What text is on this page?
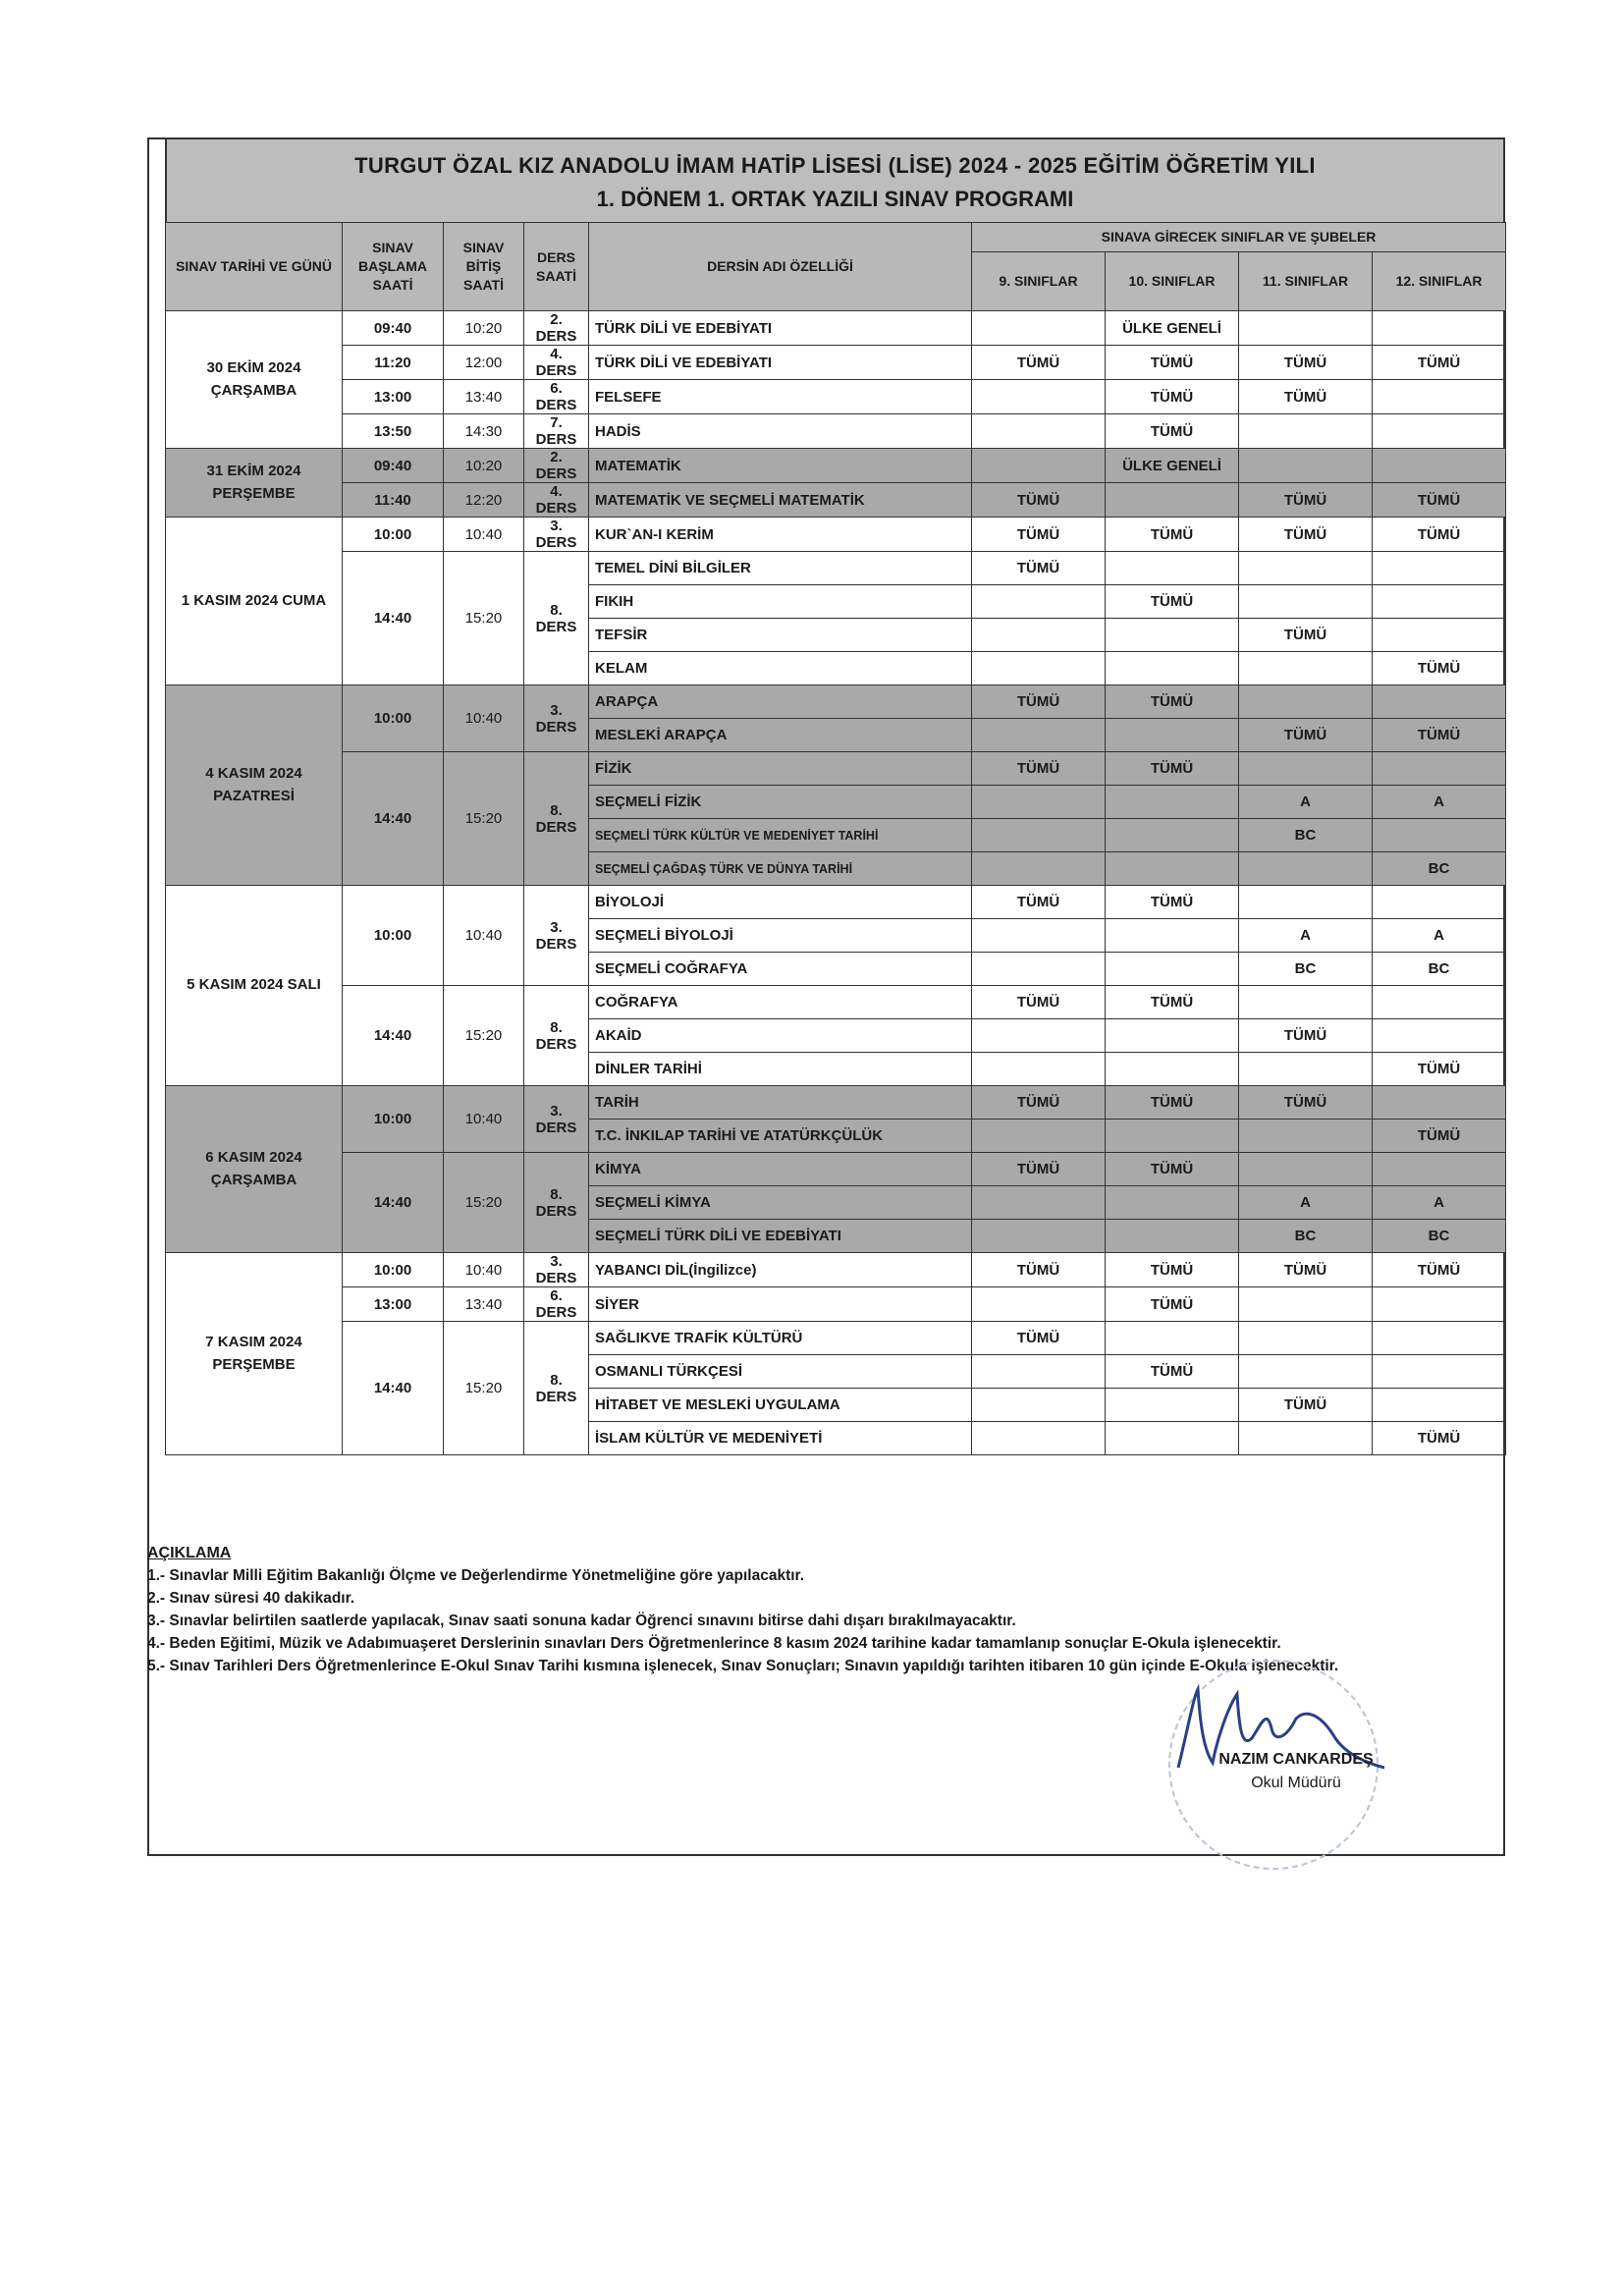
TURGUT ÖZAL KIZ ANADOLU İMAM HATİP LİSESİ (LİSE) 2024 - 2025 EĞİTİM ÖĞRETİM YILI
1. DÖNEM 1. ORTAK YAZILI SINAV PROGRAMI
SINAV TARİHİ VE GÜNÜ	SINAV BAŞLAMA SAATİ	SINAV BİTİŞ SAATİ	DERS SAATİ	DERSİN ADI ÖZELLİĞİ	SINAVA GİRECEK SINIFLAR VE ŞUBELER			
					9. SINIFLAR	10. SINIFLAR	11. SINIFLAR	12. SINIFLAR
30 EKİM 2024 ÇARŞAMBA	09:40	10:20	2. DERS	TÜRK DİLİ VE EDEBİYATI		ÜLKE GENELİ		
	11:20	12:00	4. DERS	TÜRK DİLİ VE EDEBİYATI	TÜMÜ	TÜMÜ	TÜMÜ	TÜMÜ
	13:00	13:40	6. DERS	FELSEFE		TÜMÜ	TÜMÜ	
	13:50	14:30	7. DERS	HADİS		TÜMÜ		
31 EKİM 2024 PERŞEMBE	09:40	10:20	2. DERS	MATEMATİK		ÜLKE GENELİ		
	11:40	12:20	4. DERS	MATEMATİK VE SEÇMELİ MATEMATİK	TÜMÜ		TÜMÜ	TÜMÜ
1 KASIM 2024 CUMA	10:00	10:40	3. DERS	KUR`AN-I KERİM	TÜMÜ	TÜMÜ	TÜMÜ	TÜMÜ
	14:40	15:20	8. DERS	TEMEL DİNİ BİLGİLER	TÜMÜ			
				FIKIH		TÜMÜ		
				TEFSİR			TÜMÜ	
				KELAM				TÜMÜ
4 KASIM 2024 PAZATRESİ	10:00	10:40	3. DERS	ARAPÇA	TÜMÜ	TÜMÜ		
				MESLEKİ ARAPÇA			TÜMÜ	TÜMÜ
	14:40	15:20	8. DERS	FİZİK	TÜMÜ	TÜMÜ		
				SEÇMELİ FİZİK			A	A
				SEÇMELİ TÜRK KÜLTÜR VE MEDENİYET TARİHİ			BC	
				SEÇMELİ ÇAĞDAŞ TÜRK VE DÜNYA TARİHİ				BC
5 KASIM 2024 SALI	10:00	10:40	3. DERS	BİYOLOJİ	TÜMÜ	TÜMÜ		
				SEÇMELİ BİYOLOJİ			A	A
				SEÇMELİ COĞRAFYA			BC	BC
	14:40	15:20	8. DERS	COĞRAFYA	TÜMÜ	TÜMÜ		
				AKAİD			TÜMÜ	
				DİNLER TARİHİ				TÜMÜ
6 KASIM 2024 ÇARŞAMBA	10:00	10:40	3. DERS	TARİH	TÜMÜ	TÜMÜ	TÜMÜ	
				T.C. İNKILAP TARİHİ VE ATATÜRKÇÜLÜK				TÜMÜ
	14:40	15:20	8. DERS	KİMYA	TÜMÜ	TÜMÜ		
				SEÇMELİ KİMYA			A	A
				SEÇMELİ TÜRK DİLİ VE EDEBİYATI			BC	BC
7 KASIM 2024 PERŞEMBE	10:00	10:40	3. DERS	YABANCI DİL(İngilizce)	TÜMÜ	TÜMÜ	TÜMÜ	TÜMÜ
	13:00	13:40	6. DERS	SİYER		TÜMÜ		
	14:40	15:20	8. DERS	SAĞLIKVE TRAFİK KÜLTÜRÜ	TÜMÜ			
				OSMANLI TÜRKÇESİ		TÜMÜ		
				HİTABET VE MESLEKİ UYGULAMA			TÜMÜ	
				İSLAM KÜLTÜR VE MEDENİYETİ				TÜMÜ
AÇIKLAMA
1.- Sınavlar Milli Eğitim Bakanlığı Ölçme ve Değerlendirme Yönetmeliğine göre yapılacaktır.
2.- Sınav süresi 40 dakikadır.
3.- Sınavlar belirtilen saatlerde yapılacak, Sınav saati sonuna kadar Öğrenci sınavını bitirse dahi dışarı bırakılmayacaktır.
4.- Beden Eğitimi, Müzik ve Adabımuaşeret Derslerinin sınavları Ders Öğretmenlerince 8 kasım 2024 tarihine kadar tamamlanıp sonuçlar E-Okula işlenecektir.
5.- Sınav Tarihleri Ders Öğretmenlerince E-Okul Sınav Tarihi kısmına işlenecek, Sınav Sonuçları; Sınavın yapıldığı tarihten itibaren 10 gün içinde E-Okula işlenecektir.
NAZIM CANKARDEŞ
Okul Müdürü
